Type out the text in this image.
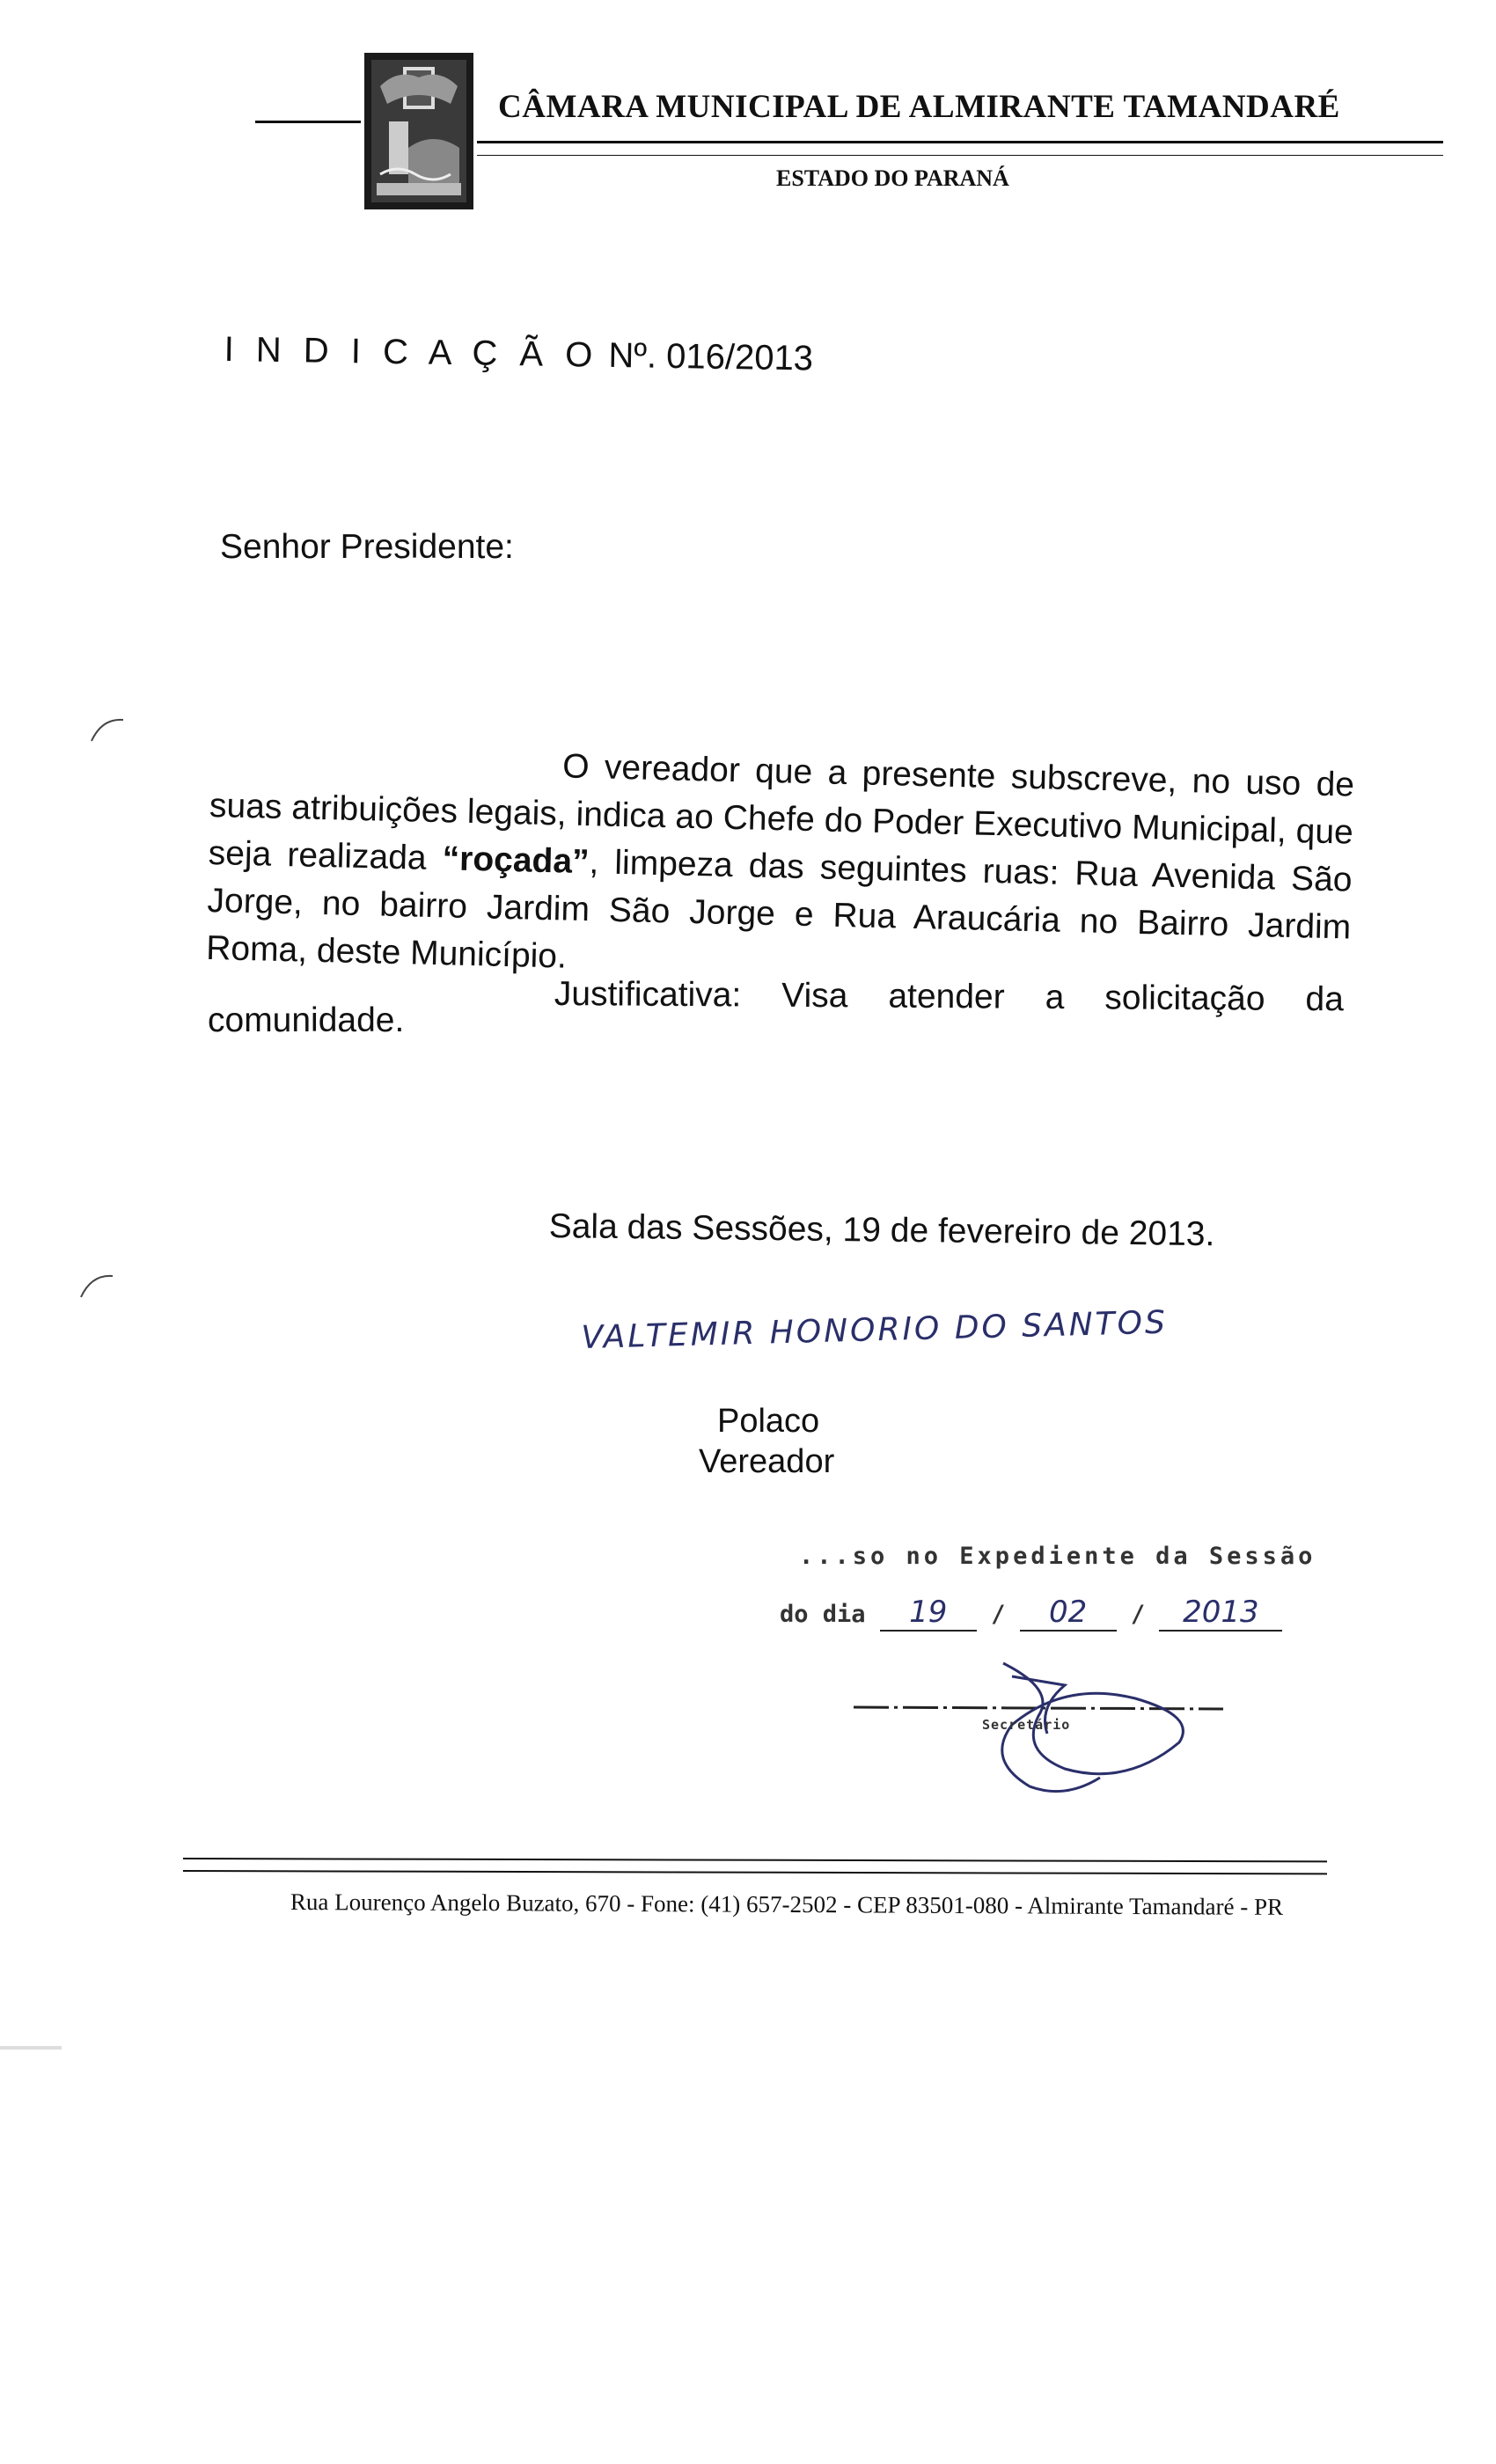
CÂMARA MUNICIPAL DE ALMIRANTE TAMANDARÉ
ESTADO DO PARANÁ
I N D I C A Ç Ã O Nº. 016/2013
Senhor Presidente:
O vereador que a presente subscreve, no uso de suas atribuições legais, indica ao Chefe do Poder Executivo Municipal, que seja realizada “roçada”, limpeza das seguintes ruas: Rua Avenida São Jorge, no bairro Jardim São Jorge e Rua Araucária no Bairro Jardim Roma, deste Município.
Justificativa: Visa atender a solicitação da
comunidade.
Sala das Sessões, 19 de fevereiro de 2013.
VALTEMIR HONORIO DO SANTOS
Polaco
Vereador
...so no Expediente da Sessão
do dia 19 / 02 / 2013
Secretário
Rua Lourenço Angelo Buzato, 670 - Fone: (41) 657-2502 - CEP 83501-080 - Almirante Tamandaré - PR
